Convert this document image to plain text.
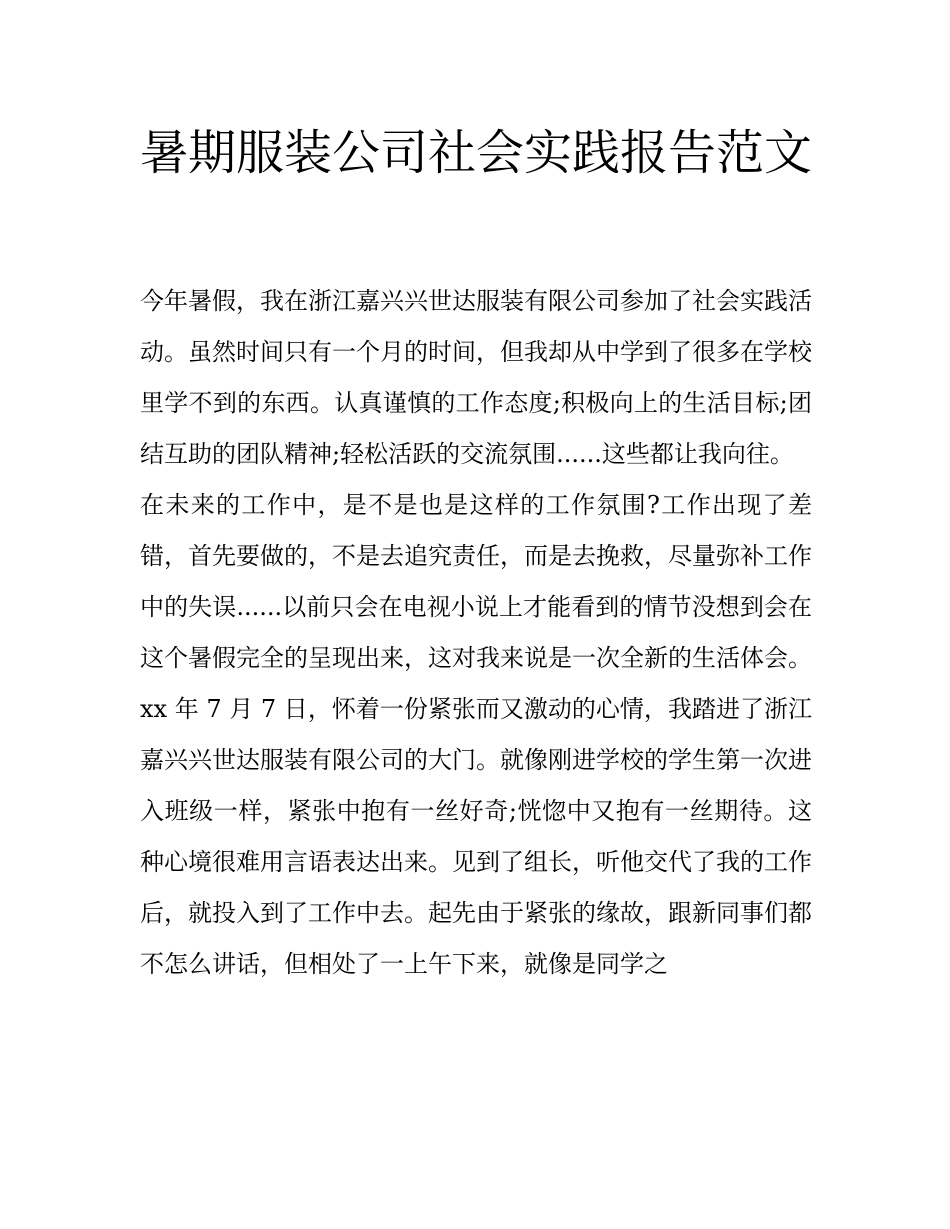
暑期服装公司社会实践报告范文

今年暑假，我在浙江嘉兴兴世达服装有限公司参加了社会实践活动。虽然时间只有一个月的时间，但我却从中学到了很多在学校里学不到的东西。认真谨慎的工作态度;积极向上的生活目标;团结互助的团队精神;轻松活跃的交流氛围......这些都让我向往。

在未来的工作中，是不是也是这样的工作氛围?工作出现了差错，首先要做的，不是去追究责任，而是去挽救，尽量弥补工作中的失误......以前只会在电视小说上才能看到的情节没想到会在这个暑假完全的呈现出来，这对我来说是一次全新的生活体会。

xx 年 7 月 7 日，怀着一份紧张而又激动的心情，我踏进了浙江嘉兴兴世达服装有限公司的大门。就像刚进学校的学生第一次进入班级一样，紧张中抱有一丝好奇;恍惚中又抱有一丝期待。这种心境很难用言语表达出来。见到了组长，听他交代了我的工作后，就投入到了工作中去。起先由于紧张的缘故，跟新同事们都不怎么讲话，但相处了一上午下来，就像是同学之
